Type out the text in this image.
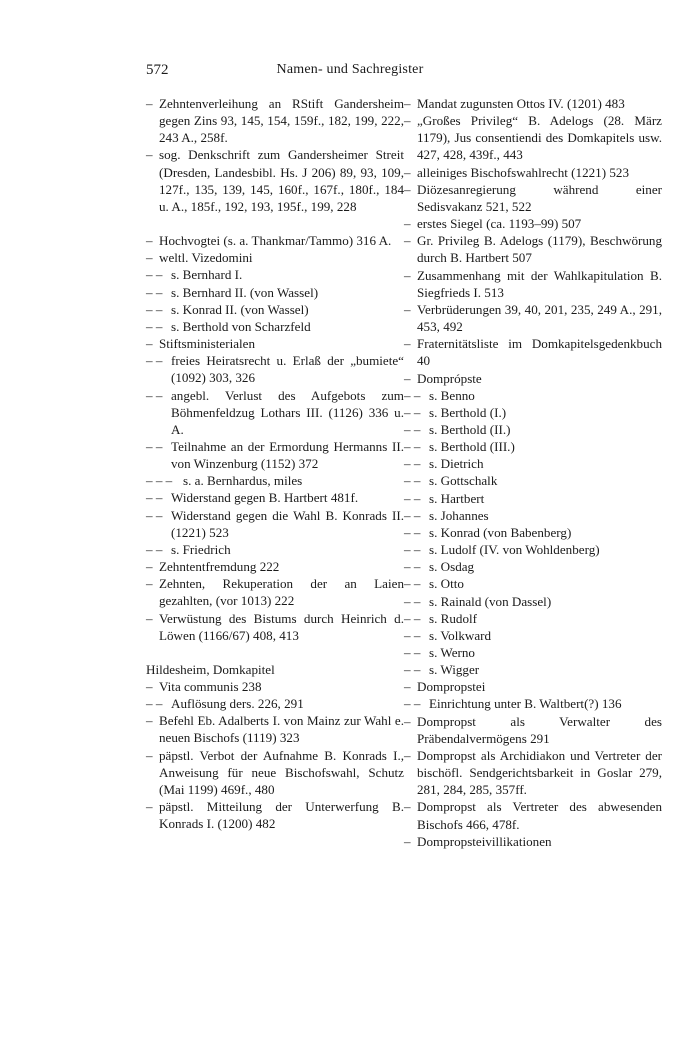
572	Namen- und Sachregister
– Zehntenverleihung an RStift Gandersheim gegen Zins 93, 145, 154, 159f., 182, 199, 222, 243 A., 258f.
– sog. Denkschrift zum Gandersheimer Streit (Dresden, Landesbibl. Hs. J 206) 89, 93, 109, 127f., 135, 139, 145, 160f., 167f., 180f., 184 u. A., 185f., 192, 193, 195f., 199, 228
– Hochvogtei (s. a. Thankmar/Tammo) 316 A.
– weltl. Vizedomini
– – s. Bernhard I.
– – s. Bernhard II. (von Wassel)
– – s. Konrad II. (von Wassel)
– – s. Berthold von Scharzfeld
– Stiftsministerialen
– – freies Heiratsrecht u. Erlaß der „bumiete“ (1092) 303, 326
– – angebl. Verlust des Aufgebots zum Böhmenfeldzug Lothars III. (1126) 336 u. A.
– – Teilnahme an der Ermordung Hermanns II. von Winzenburg (1152) 372
– – – s. a. Bernhardus, miles
– – Widerstand gegen B. Hartbert 481f.
– – Widerstand gegen die Wahl B. Konrads II. (1221) 523
– – s. Friedrich
– Zehntentfremdung 222
– Zehnten, Rekuperation der an Laien gezahlten, (vor 1013) 222
– Verwüstung des Bistums durch Heinrich d. Löwen (1166/67) 408, 413
Hildesheim, Domkapitel
– Vita communis 238
– – Auflösung ders. 226, 291
– Befehl Eb. Adalberts I. von Mainz zur Wahl e. neuen Bischofs (1119) 323
– päpstl. Verbot der Aufnahme B. Konrads I., Anweisung für neue Bischofswahl, Schutz (Mai 1199) 469f., 480
– päpstl. Mitteilung der Unterwerfung B. Konrads I. (1200) 482
– Mandat zugunsten Ottos IV. (1201) 483
– „Großes Privileg“ B. Adelogs (28. März 1179), Jus consentiendi des Domkapitels usw. 427, 428, 439f., 443
– alleiniges Bischofswahlrecht (1221) 523
– Diözesanregierung während einer Sedisvakanz 521, 522
– erstes Siegel (ca. 1193–99) 507
– Gr. Privileg B. Adelogs (1179), Beschwörung durch B. Hartbert 507
– Zusammenhang mit der Wahlkapitulation B. Siegfrieds I. 513
– Verbrüderungen 39, 40, 201, 235, 249 A., 291, 453, 492
– Fraternitätsliste im Domkapitelsgedenkbuch 40
– Domprópste
– – s. Benno
– – s. Berthold (I.)
– – s. Berthold (II.)
– – s. Berthold (III.)
– – s. Dietrich
– – s. Gottschalk
– – s. Hartbert
– – s. Johannes
– – s. Konrad (von Babenberg)
– – s. Ludolf (IV. von Wohldenberg)
– – s. Osdag
– – s. Otto
– – s. Rainald (von Dassel)
– – s. Rudolf
– – s. Volkward
– – s. Werno
– – s. Wigger
– Dompropstei
– – Einrichtung unter B. Waltbert(?) 136
– Dompropst als Verwalter des Präbendalvermögens 291
– Dompropst als Archidiakon und Vertreter der bischöfl. Sendgerichtsbarkeit in Goslar 279, 281, 284, 285, 357ff.
– Dompropst als Vertreter des abwesenden Bischofs 466, 478f.
– Dompropsteivillikationen
